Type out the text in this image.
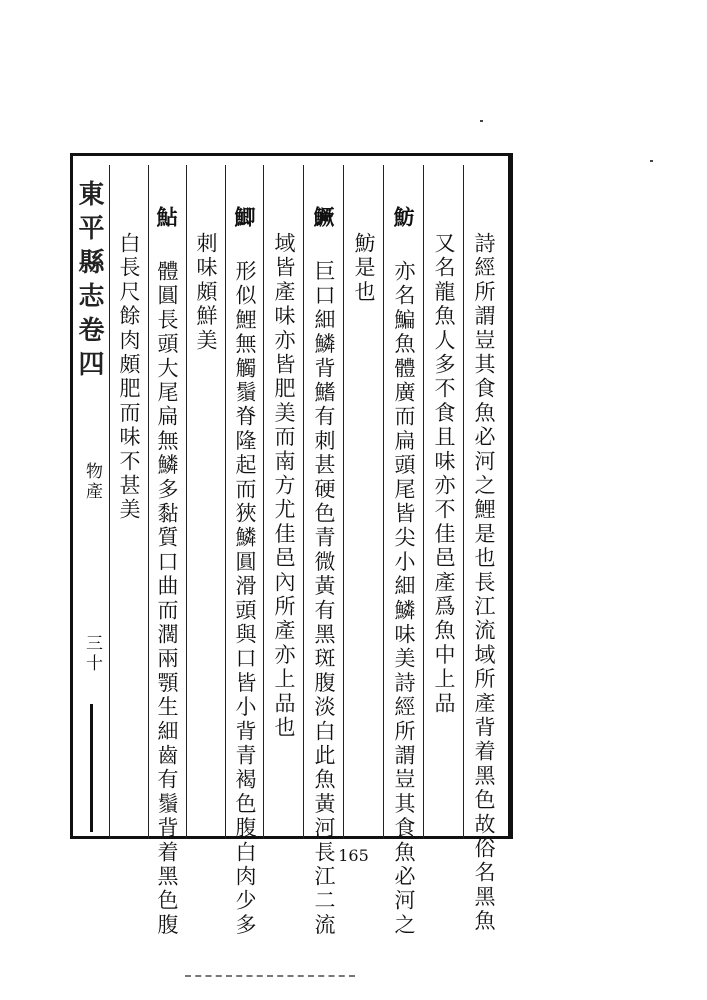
東平縣志卷四
物產
三十	詩經所謂豈其食魚必河之鯉是也長江流域所產背着黑色故俗名黑魚
又名龍魚人多不食且味亦不佳邑產爲魚中上品
魴
亦名鯿魚體廣而扁頭尾皆尖小細鱗味美詩經所謂豈其食魚必河之
魴是也
鱖
巨口細鱗背鰭有刺甚硬色青微黃有黑斑腹淡白此魚黃河長江二流
域皆產味亦皆肥美而南方尤佳邑內所產亦上品也
鯽
形似鯉無觸鬚脊隆起而狹鱗圓滑頭與口皆小背青褐色腹白肉少多
刺味頗鮮美
鮎
體圓長頭大尾扁無鱗多黏質口曲而濶兩顎生細齒有鬚背着黑色腹
白長尺餘肉頗肥而味不甚美
165
